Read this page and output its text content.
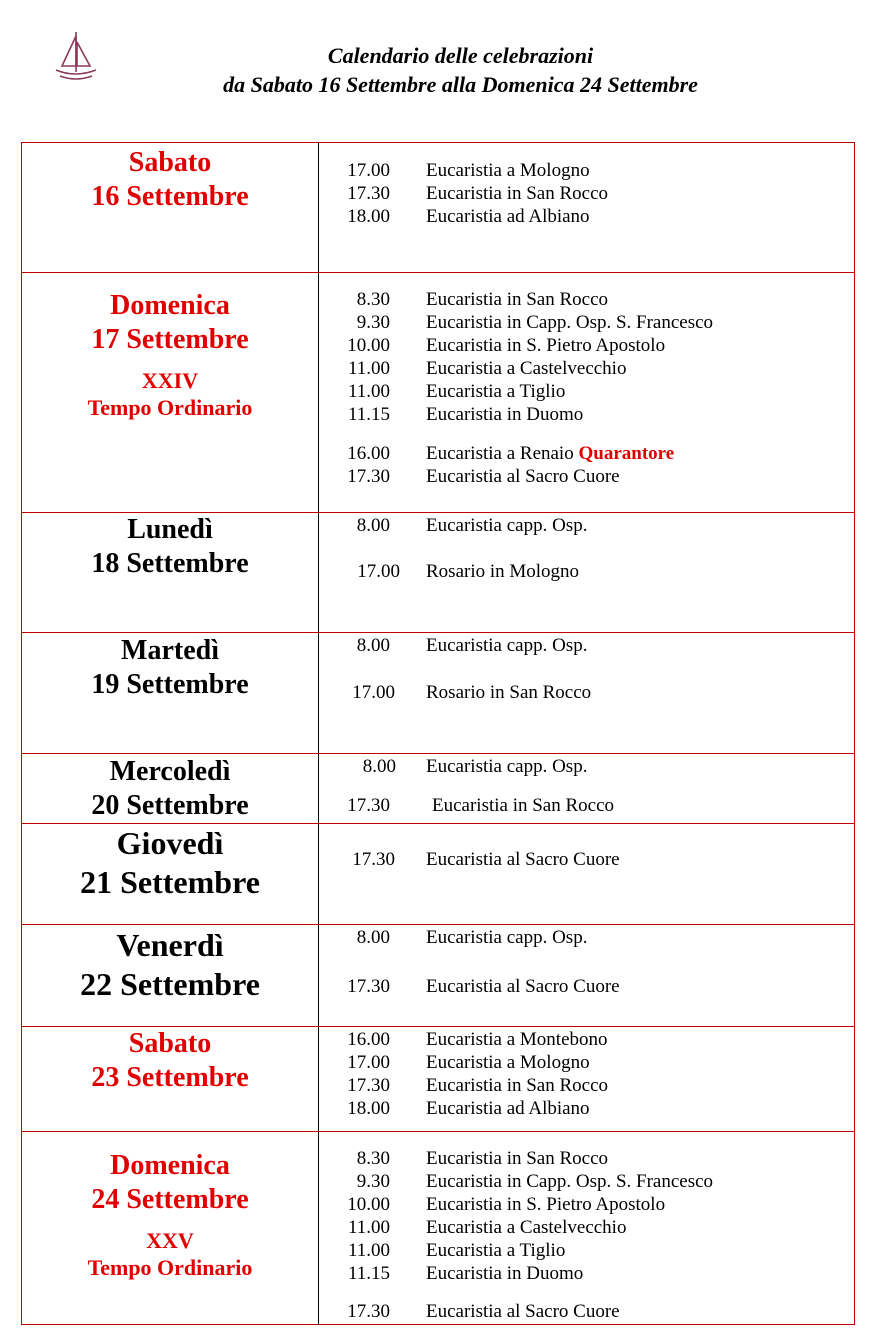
Calendario delle celebrazioni
da Sabato 16 Settembre alla Domenica 24 Settembre
Sabato
16 Settembre
17.00 Eucaristia a Mologno
17.30 Eucaristia in San Rocco
18.00 Eucaristia ad Albiano
Domenica
17 Settembre
XXIV
Tempo Ordinario
8.30 Eucaristia in San Rocco
9.30 Eucaristia in Capp. Osp. S. Francesco
10.00 Eucaristia in S. Pietro Apostolo
11.00 Eucaristia a Castelvecchio
11.00 Eucaristia a Tiglio
11.15 Eucaristia in Duomo
16.00 Eucaristia a Renaio Quarantore
17.30 Eucaristia al Sacro Cuore
Lunedì
18 Settembre
8.00 Eucaristia capp. Osp.
17.00 Rosario in Mologno
Martedì
19 Settembre
8.00 Eucaristia capp. Osp.
17.00 Rosario in San Rocco
Mercoledì
20 Settembre
8.00 Eucaristia capp. Osp.
17.30 Eucaristia in San Rocco
Giovedì
21 Settembre
17.30 Eucaristia al Sacro Cuore
Venerdì
22 Settembre
8.00 Eucaristia capp. Osp.
17.30 Eucaristia al Sacro Cuore
Sabato
23 Settembre
16.00 Eucaristia a Montebono
17.00 Eucaristia a Mologno
17.30 Eucaristia in San Rocco
18.00 Eucaristia ad Albiano
Domenica
24 Settembre
XXV
Tempo Ordinario
8.30 Eucaristia in San Rocco
9.30 Eucaristia in Capp. Osp. S. Francesco
10.00 Eucaristia in S. Pietro Apostolo
11.00 Eucaristia a Castelvecchio
11.00 Eucaristia a Tiglio
11.15 Eucaristia in Duomo
17.30 Eucaristia al Sacro Cuore
